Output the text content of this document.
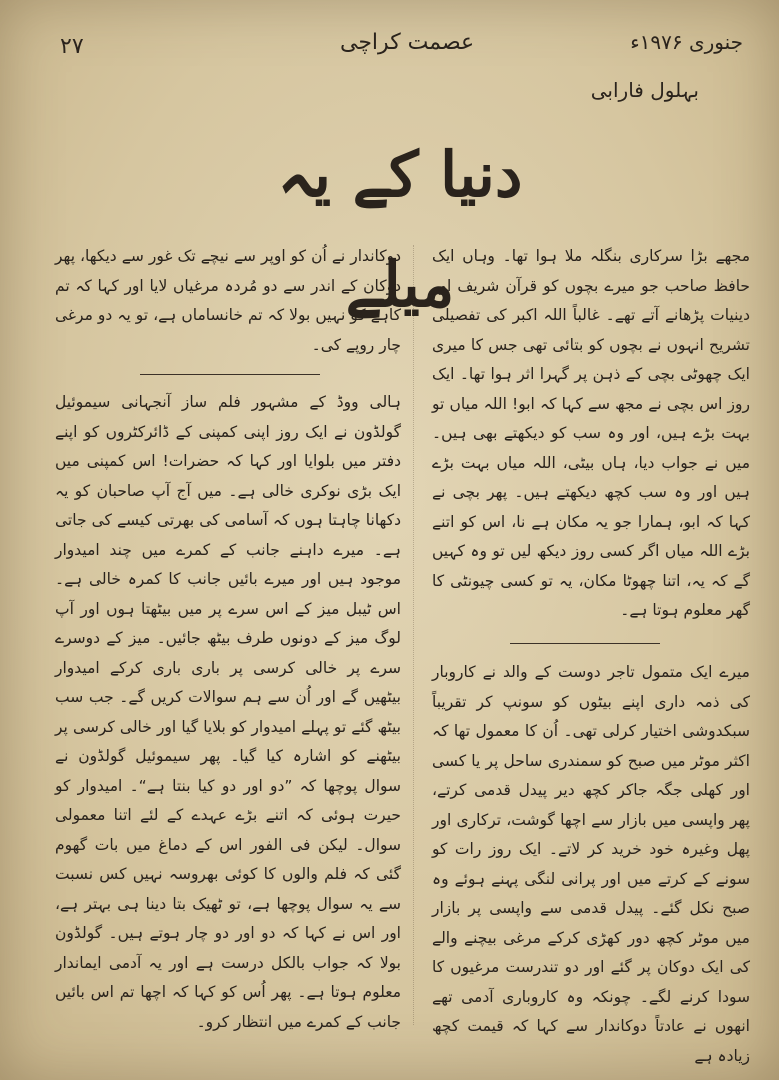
۲۷	عصمت کراچی	جنوری ۱۹۷۶ء
بہلول فارابی
دنیا کے یہ میلے
مجھے بڑا سرکاری بنگلہ ملا ہوا تھا۔ وہاں ایک حافظ صاحب جو میرے بچوں کو قرآن شریف اور دینیات پڑھانے آتے تھے۔ غالباً اللہ اکبر کی تفصیلی تشریح انہوں نے بچوں کو بتائی تھی جس کا میری ایک چھوٹی بچی کے ذہن پر گہرا اثر ہوا تھا۔ ایک روز اس بچی نے مجھ سے کہا کہ ابو! اللہ میاں تو بہت بڑے ہیں، اور وہ سب کو دیکھتے بھی ہیں۔ میں نے جواب دیا، ہاں بیٹی، اللہ میاں بہت بڑے ہیں اور وہ سب کچھ دیکھتے ہیں۔ پھر بچی نے کہا کہ ابو، ہمارا جو یہ مکان ہے نا، اس کو اتنے بڑے اللہ میاں اگر کسی روز دیکھ لیں تو وہ کہیں گے کہ یہ، اتنا چھوٹا مکان، یہ تو کسی چیونٹی کا گھر معلوم ہوتا ہے۔
میرے ایک متمول تاجر دوست کے والد نے کاروبار کی ذمہ داری اپنے بیٹوں کو سونپ کر تقریباً سبکدوشی اختیار کرلی تھی۔ اُن کا معمول تھا کہ اکثر موٹر میں صبح کو سمندری ساحل پر یا کسی اور کھلی جگہ جاکر کچھ دیر پیدل قدمی کرتے، پھر واپسی میں بازار سے اچھا گوشت، ترکاری اور پھل وغیرہ خود خرید کر لاتے۔ ایک روز رات کو سونے کے کرتے میں اور پرانی لنگی پہنے ہوئے وہ صبح نکل گئے۔ پیدل قدمی سے واپسی پر بازار میں موٹر کچھ دور کھڑی کرکے مرغی بیچنے والے کی ایک دوکان پر گئے اور دو تندرست مرغیوں کا سودا کرنے لگے۔ چونکہ وہ کاروباری آدمی تھے انھوں نے عادتاً دوکاندار سے کہا کہ قیمت کچھ زیادہ ہے
دوکاندار نے اُن کو اوپر سے نیچے تک غور سے دیکھا، پھر دوکان کے اندر سے دو مُردہ مرغیاں لایا اور کہا کہ تم کاہے کو نہیں بولا کہ تم خانساماں ہے، تو یہ دو مرغی چار روپے کی۔
ہالی ووڈ کے مشہور فلم ساز آنجہانی سیموئیل گولڈون نے ایک روز اپنی کمپنی کے ڈائرکٹروں کو اپنے دفتر میں بلوایا اور کہا کہ حضرات! اس کمپنی میں ایک بڑی نوکری خالی ہے۔ میں آج آپ صاحبان کو یہ دکھانا چاہتا ہوں کہ آسامی کی بھرتی کیسے کی جاتی ہے۔ میرے داہنے جانب کے کمرے میں چند امیدوار موجود ہیں اور میرے بائیں جانب کا کمرہ خالی ہے۔ اس ٹیبل میز کے اس سرے پر میں بیٹھتا ہوں اور آپ لوگ میز کے دونوں طرف بیٹھ جائیں۔ میز کے دوسرے سرے پر خالی کرسی پر باری باری کرکے امیدوار بیٹھیں گے اور اُن سے ہم سوالات کریں گے۔ جب سب بیٹھ گئے تو پہلے امیدوار کو بلایا گیا اور خالی کرسی پر بیٹھنے کو اشارہ کیا گیا۔ پھر سیموئیل گولڈون نے سوال پوچھا کہ ”دو اور دو کیا بنتا ہے“۔ امیدوار کو حیرت ہوئی کہ اتنے بڑے عہدے کے لئے اتنا معمولی سوال۔ لیکن فی الفور اس کے دماغ میں بات گھوم گئی کہ فلم والوں کا کوئی بھروسہ نہیں کس نسبت سے یہ سوال پوچھا ہے، تو ٹھیک بتا دینا ہی بہتر ہے، اور اس نے کہا کہ دو اور دو چار ہوتے ہیں۔ گولڈون بولا کہ جواب بالکل درست ہے اور یہ آدمی ایماندار معلوم ہوتا ہے۔ پھر اُس کو کہا کہ اچھا تم اس بائیں جانب کے کمرے میں انتظار کرو۔
